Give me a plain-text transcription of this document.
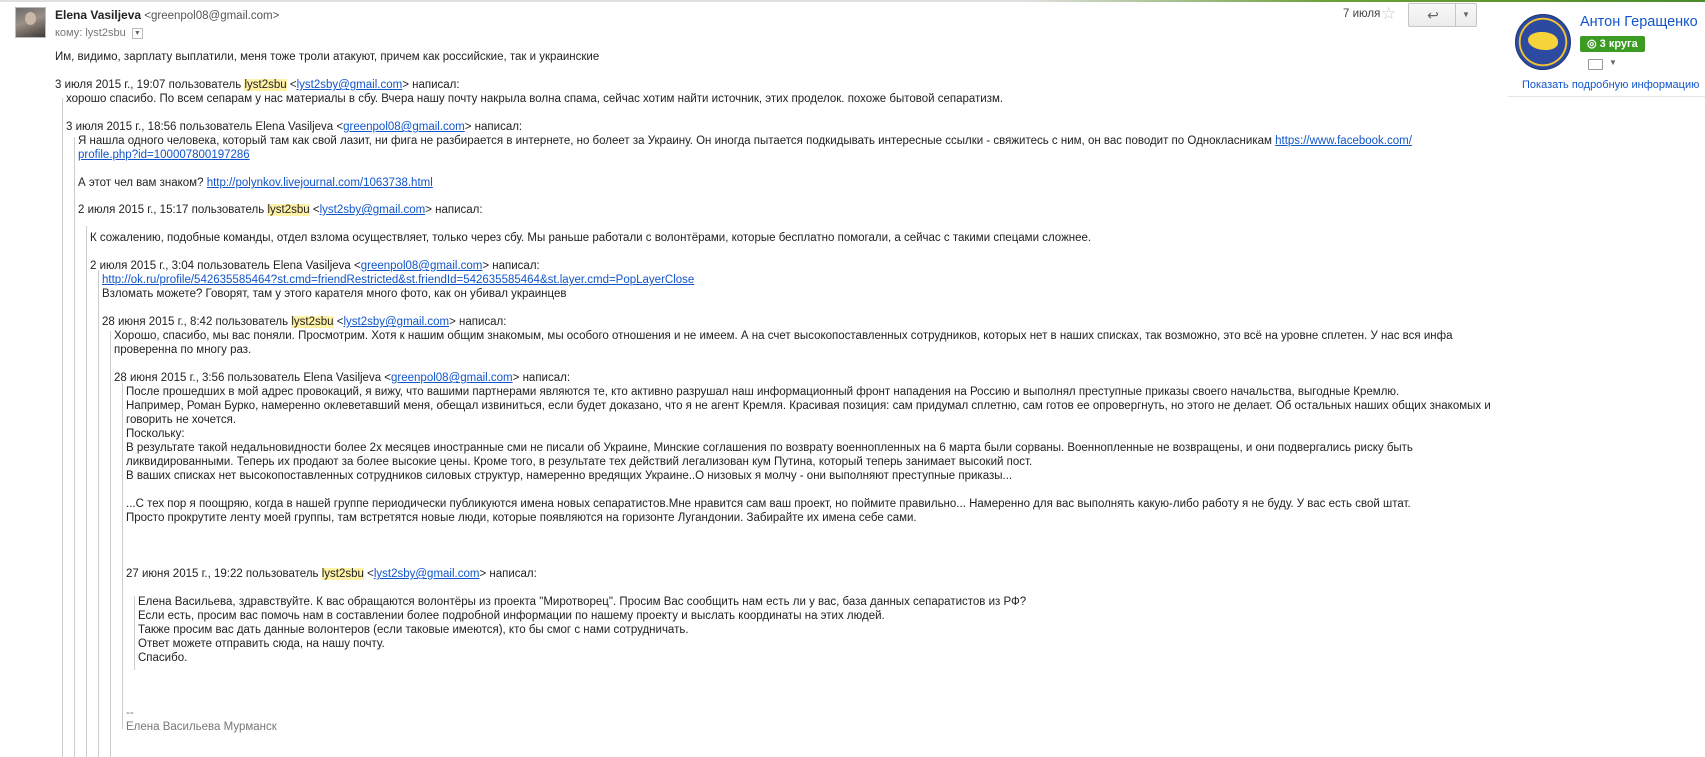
Elena Vasiljeva <greenpol08@gmail.com>
кому: lyst2sbu ▼
7 июля ☆	↩	▼
Им, видимо, зарплату выплатили, меня тоже троли атакуют, причем как российские, так и украинские
3 июля 2015 г., 19:07 пользователь lyst2sbu <lyst2sby@gmail.com> написал:
хорошо спасибо. По всем сепарам у нас материалы в сбу. Вчера нашу почту накрыла волна спама, сейчас хотим найти источник, этих проделок. похоже бытовой сепаратизм.
3 июля 2015 г., 18:56 пользователь Elena Vasiljeva <greenpol08@gmail.com> написал:
Я нашла одного человека, который там как свой лазит, ни фига не разбирается в интернете, но болеет за Украину. Он иногда пытается подкидывать интересные ссылки - свяжитесь с ним, он вас поводит по Однокласникам https://www.facebook.com/
profile.php?id=100007800197286
А этот чел вам знаком? http://polynkov.livejournal.com/1063738.html
2 июля 2015 г., 15:17 пользователь lyst2sbu <lyst2sby@gmail.com> написал:
К сожалению, подобные команды, отдел взлома осуществляет, только через сбу. Мы раньше работали с волонтёрами, которые бесплатно помогали, а сейчас с такими спецами сложнее.
2 июля 2015 г., 3:04 пользователь Elena Vasiljeva <greenpol08@gmail.com> написал:
http://ok.ru/profile/542635585464?st.cmd=friendRestricted&st.friendId=542635585464&st.layer.cmd=PopLayerClose
Взломать можете? Говорят, там у этого карателя много фото, как он убивал украинцев
28 июня 2015 г., 8:42 пользователь lyst2sbu <lyst2sby@gmail.com> написал:
Хорошо, спасибо, мы вас поняли. Просмотрим. Хотя к нашим общим знакомым, мы особого отношения и не имеем. А на счет высокопоставленных сотрудников, которых нет в наших списках, так возможно, это всё на уровне сплетен. У нас вся инфа
проверенна по многу раз.
28 июня 2015 г., 3:56 пользователь Elena Vasiljeva <greenpol08@gmail.com> написал:
После прошедших в мой адрес провокаций, я вижу, что вашими партнерами являются те, кто активно разрушал наш информационный фронт нападения на Россию и выполнял преступные приказы своего начальства, выгодные Кремлю.
Например, Роман Бурко, намеренно оклеветавший меня, обещал извиниться, если будет доказано, что я не агент Кремля. Красивая позиция: сам придумал сплетню, сам готов ее опровергнуть, но этого не делает. Об остальных наших общих знакомых и
говорить не хочется.
Поскольку:
В результате такой недальновидности более 2х месяцев иностранные сми не писали об Украине, Минские соглашения по возврату военнопленных на 6 марта были сорваны. Военнопленные не возвращены, и они подвергались риску быть
ликвидированными. Теперь их продают за более высокие цены. Кроме того, в результате тех действий легализован кум Путина, который теперь занимает высокий пост.
В ваших списках нет высокопоставленных сотрудников силовых структур, намеренно вредящих Украине..О низовых я молчу - они выполняют преступные приказы...
...С тех пор я поощряю, когда в нашей группе периодически публикуются имена новых сепаратистов.Мне нравится сам ваш проект, но поймите правильно... Намеренно для вас выполнять какую-либо работу я не буду. У вас есть свой штат.
Просто прокрутите ленту моей группы, там встретятся новые люди, которые появляются на горизонте Лугандонии. Забирайте их имена себе сами.
27 июня 2015 г., 19:22 пользователь lyst2sbu <lyst2sby@gmail.com> написал:
Елена Васильева, здравствуйте. К вас обращаются волонтёры из проекта "Миротворец". Просим Вас сообщить нам есть ли у вас, база данных сепаратистов из РФ?
Если есть, просим вас помочь нам в составлении более подробной информации по нашему проекту и выслать координаты на этих людей.
Также просим вас дать данные волонтеров (если таковые имеются), кто бы смог с нами сотрудничать.
Ответ можете отправить сюда, на нашу почту.
Спасибо.
--
Елена Васильева Мурманск
Антон Геращенко
◎ 3 круга
▼
Показать подробную информацию
